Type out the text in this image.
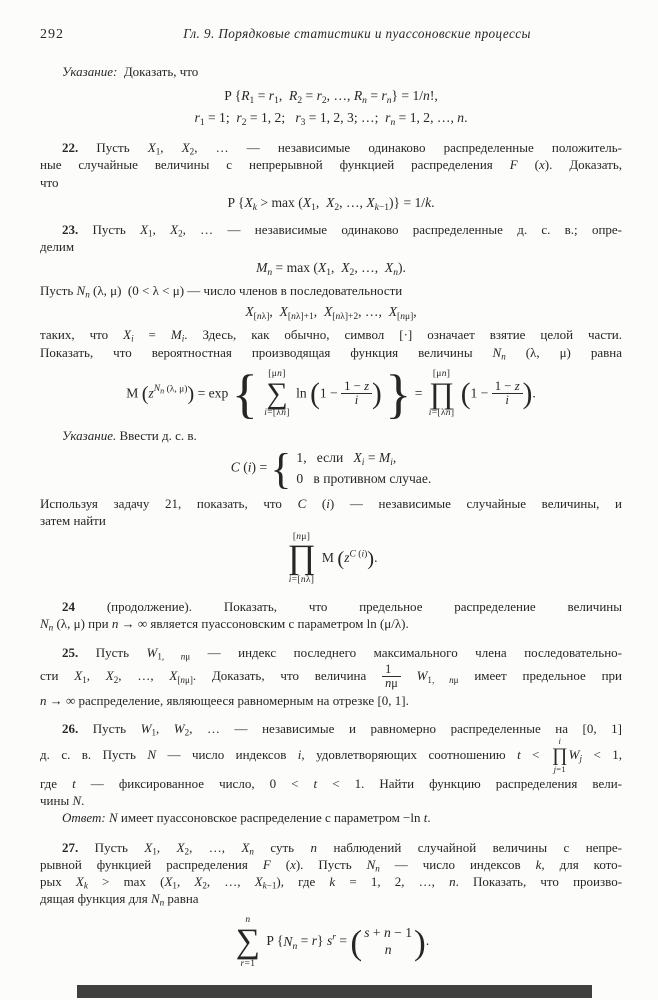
292	Гл. 9. Порядковые статистики и пуассоновские процессы
Указание:  Доказать, что
P {$R_1 = r_1$,  $R_2 = r_2$, …, $R_n = r_n\} = 1/n$!,
$r_1 = 1$;  $r_2 = 1$, 2;   $r_3 = 1$, 2, 3; …;  $r_n = 1$, 2, …, n.
22. Пусть $X_1$, $X_2$, … — независимые одинаково распределенные положитель-
ные случайные величины с непрерывной функцией распределения F (x). Доказать,
что
P {$X_k > \max (X_1$,  $X_2$, …, $X_{k-1})\} = 1/k$.
23. Пусть $X_1$, $X_2$, … — независимые одинаково распределенные д. с. в.; опре-
делим
$M_n = \max (X_1$,  $X_2$, …,  $X_n$).
Пусть $N_n$ (λ, μ)  (0 < λ < μ) — число членов в последовательности
$X_{[n\lambda]}$,  $X_{[n\lambda]+1}$,  $X_{[n\lambda]+2}$, …,  $X_{[n\mu]}$,
таких, что $X_i = M_i$. Здесь, как обычно, символ [·] означает взятие целой части.
Показать, что вероятностная производящая функция величины $N_n$ (λ, μ) равна
M $(z^{N_n (\lambda, \mu)}) = \exp$ { [μn]
∑
i=[λn]
$\ln (1 - \frac{1 - z}{i}$ ) } =
[μn]
∏
i=[λn]
($1 - \frac{1 - z}{i}$ ).
Указание. Ввести д. с. в.
C (i) = { 1,   если   $X_i = M_i$,
0   в противном случае.
Используя задачу 21, показать, что C (i) — независимые случайные величины, и
затем найти
[nμ]
∏
i=[nλ]
M $(z^{C (i)})$.
24 (продолжение). Показать, что предельное распределение величины
$N_n$ (λ, μ) при n → ∞ является пуассоновским с параметром ln (μ/λ).
25. Пусть $W_{1, n\mu}$ — индекс последнего максимального члена последовательно-
сти $X_1$, $X_2$, …, $X_{[n\mu]}$. Доказать, что величина $\frac{1}{n\mu} W_{1, n\mu}$ имеет предельное при
n → ∞ распределение, являющееся равномерным на отрезке [0, 1].
26. Пусть $W_1$, $W_2$, … — независимые и равномерно распределенные на [0, 1]
д. с. в. Пусть N — число индексов i, удовлетворяющих соотношению t <
i
∏
j=1
$W_j < 1$,
где t — фиксированное число, 0 < t < 1. Найти функцию распределения вели-
чины N.
Ответ: N имеет пуассоновское распределение с параметром −ln t.
27. Пусть $X_1$, $X_2$, …, $X_n$ суть n наблюдений случайной величины с непре-
рывной функцией распределения F (x). Пусть $N_n$ — число индексов k, для кото-
рых $X_k > \max (X_1$, $X_2$, …, $X_{k-1}$), где k = 1, 2, …, n. Показать, что произво-
дящая функция для $N_n$ равна
n
∑
r=1
P $\{N_n = r\} s^r$ = ( s + n − 1
n ).
